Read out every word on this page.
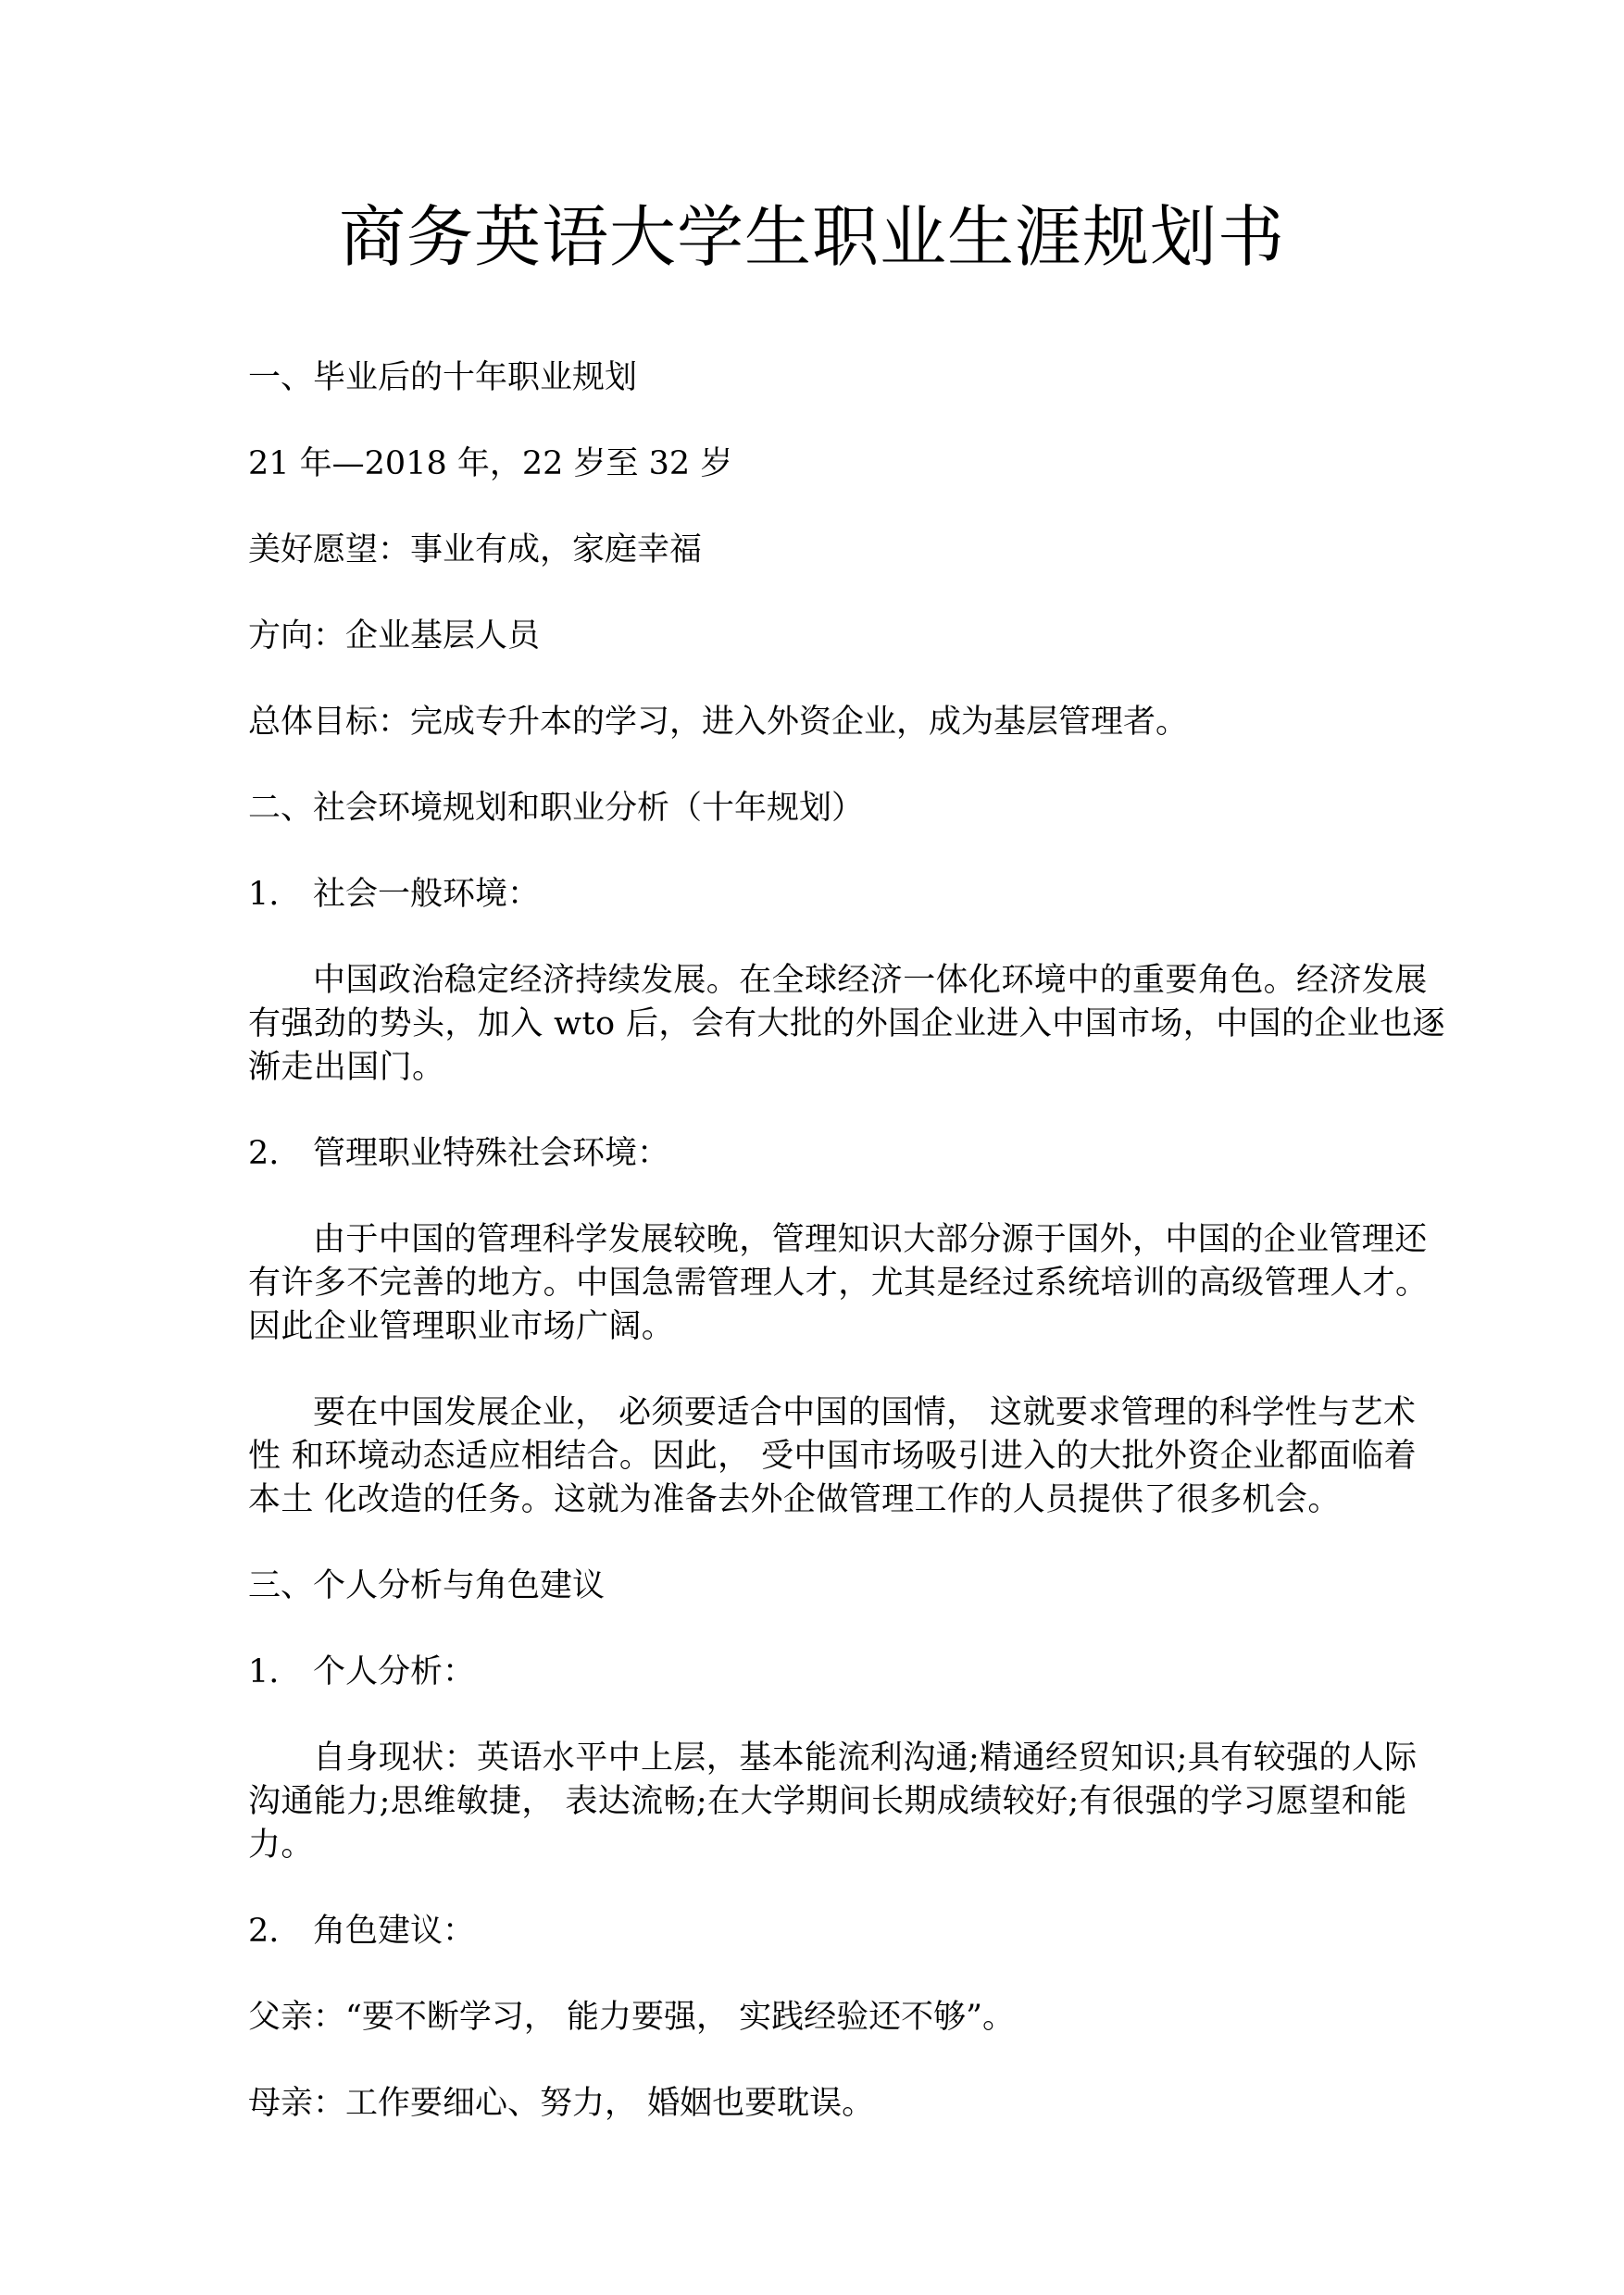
商务英语大学生职业生涯规划书

一、毕业后的十年职业规划

21 年—2018 年，22 岁至 32 岁

美好愿望：事业有成，家庭幸福

方向：企业基层人员

总体目标：完成专升本的学习，进入外资企业，成为基层管理者。

二、社会环境规划和职业分析（十年规划）

1. 社会一般环境：

中国政治稳定经济持续发展。在全球经济一体化环境中的重要角色。经济发展
有强劲的势头，加入 wto 后，会有大批的外国企业进入中国市场，中国的企业也逐
渐走出国门。

2. 管理职业特殊社会环境：

由于中国的管理科学发展较晚，管理知识大部分源于国外，中国的企业管理还
有许多不完善的地方。中国急需管理人才，尤其是经过系统培训的高级管理人才。
因此企业管理职业市场广阔。
要在中国发展企业， 必须要适合中国的国情， 这就要求管理的科学性与艺术
性 和环境动态适应相结合。因此， 受中国市场吸引进入的大批外资企业都面临着
本土 化改造的任务。这就为准备去外企做管理工作的人员提供了很多机会。

三、个人分析与角色建议

1. 个人分析：

自身现状：英语水平中上层，基本能流利沟通;精通经贸知识;具有较强的人际
沟通能力;思维敏捷， 表达流畅;在大学期间长期成绩较好;有很强的学习愿望和能
力。

2. 角色建议：

父亲：“要不断学习， 能力要强， 实践经验还不够”。

母亲：工作要细心、努力， 婚姻也要耽误。
